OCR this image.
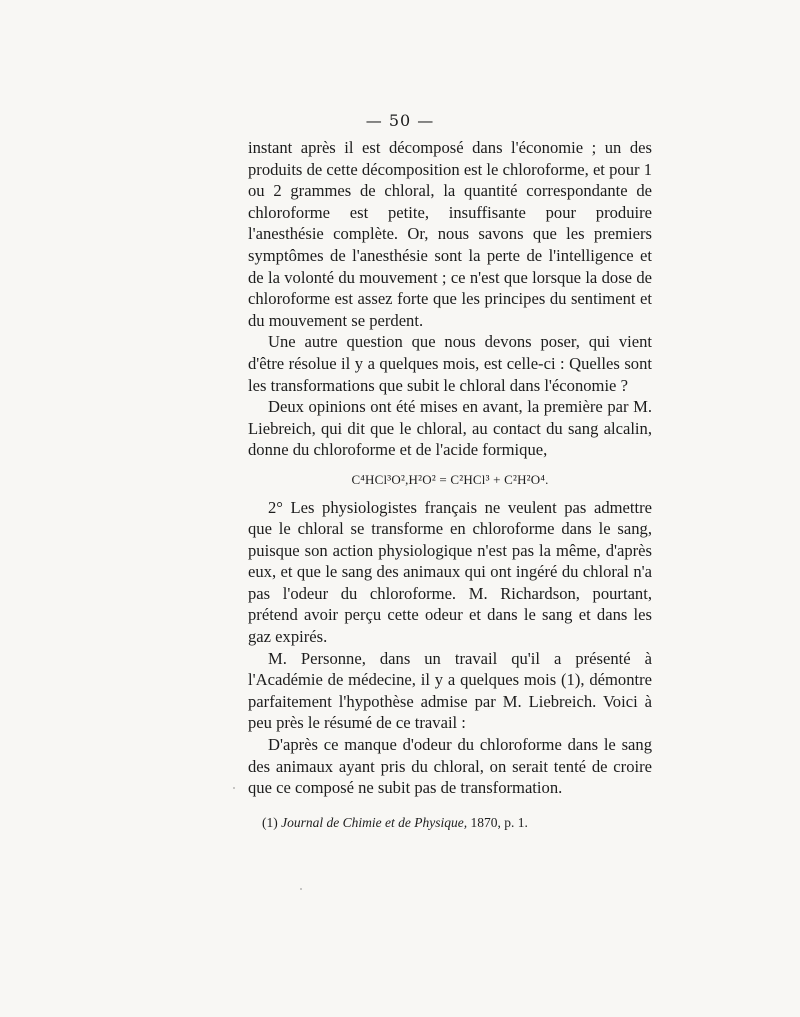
— 50 —

instant après il est décomposé dans l'économie ; un des produits de cette décomposition est le chloroforme, et pour 1 ou 2 grammes de chloral, la quantité correspondante de chloroforme est petite, insuffisante pour produire l'anesthésie complète. Or, nous savons que les premiers symptômes de l'anesthésie sont la perte de l'intelligence et de la volonté du mouvement ; ce n'est que lorsque la dose de chloroforme est assez forte que les principes du sentiment et du mouvement se perdent.

Une autre question que nous devons poser, qui vient d'être résolue il y a quelques mois, est celle-ci : Quelles sont les transformations que subit le chloral dans l'économie ?

Deux opinions ont été mises en avant, la première par M. Liebreich, qui dit que le chloral, au contact du sang alcalin, donne du chloroforme et de l'acide formique,

C⁴HCl³O²,H²O² = C²HCl³ + C²H²O⁴.

2° Les physiologistes français ne veulent pas admettre que le chloral se transforme en chloroforme dans le sang, puisque son action physiologique n'est pas la même, d'après eux, et que le sang des animaux qui ont ingéré du chloral n'a pas l'odeur du chloroforme. M. Richardson, pourtant, prétend avoir perçu cette odeur et dans le sang et dans les gaz expirés.

M. Personne, dans un travail qu'il a présenté à l'Académie de médecine, il y a quelques mois (1), démontre parfaitement l'hypothèse admise par M. Liebreich. Voici à peu près le résumé de ce travail :

D'après ce manque d'odeur du chloroforme dans le sang des animaux ayant pris du chloral, on serait tenté de croire que ce composé ne subit pas de transformation.

(1) Journal de Chimie et de Physique, 1870, p. 1.
